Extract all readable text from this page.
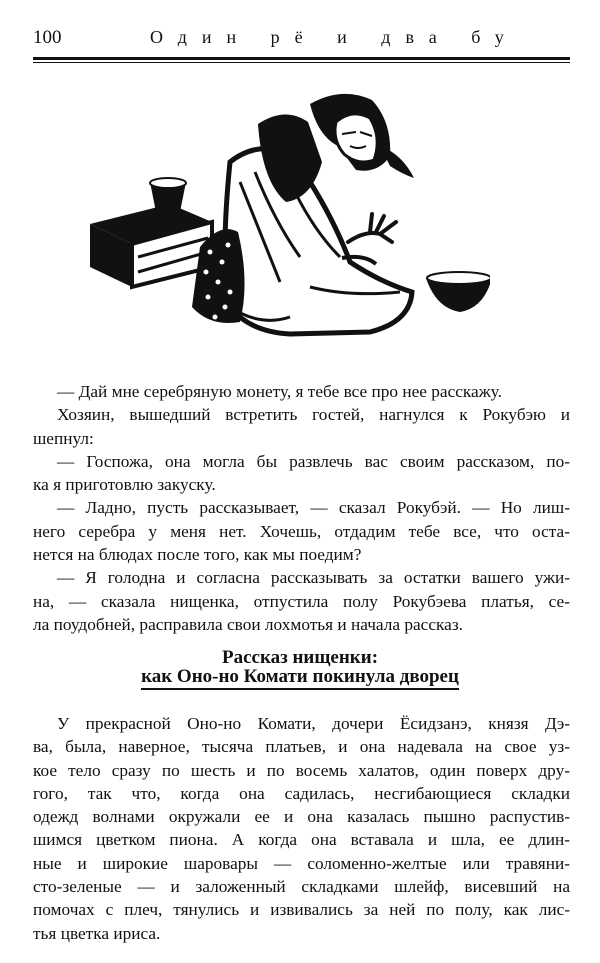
100	Один рё и два бу
— Дай мне серебряную монету, я тебе все про нее расскажу.
Хозяин, вышедший встретить гостей, нагнулся к Рокубэю и
шепнул:
— Госпожа, она могла бы развлечь вас своим рассказом, по-
ка я приготовлю закуску.
— Ладно, пусть рассказывает, — сказал Рокубэй. — Но лиш-
него серебра у меня нет. Хочешь, отдадим тебе все, что оста-
нется на блюдах после того, как мы поедим?
— Я голодна и согласна рассказывать за остатки вашего ужи-
на, — сказала нищенка, отпустила полу Рокубэева платья, се-
ла поудобней, расправила свои лохмотья и начала рассказ.
Рассказ нищенки:
как Оно-но Комати покинула дворец
У прекрасной Оно-но Комати, дочери Ёсидзанэ, князя Дэ-
ва, была, наверное, тысяча платьев, и она надевала на свое уз-
кое тело сразу по шесть и по восемь халатов, один поверх дру-
гого, так что, когда она садилась, несгибающиеся складки
одежд волнами окружали ее и она казалась пышно распустив-
шимся цветком пиона. А когда она вставала и шла, ее длин-
ные и широкие шаровары — соломенно-желтые или травяни-
сто-зеленые — и заложенный складками шлейф, висевший на
помочах с плеч, тянулись и извивались за ней по полу, как лис-
тья цветка ириса.
